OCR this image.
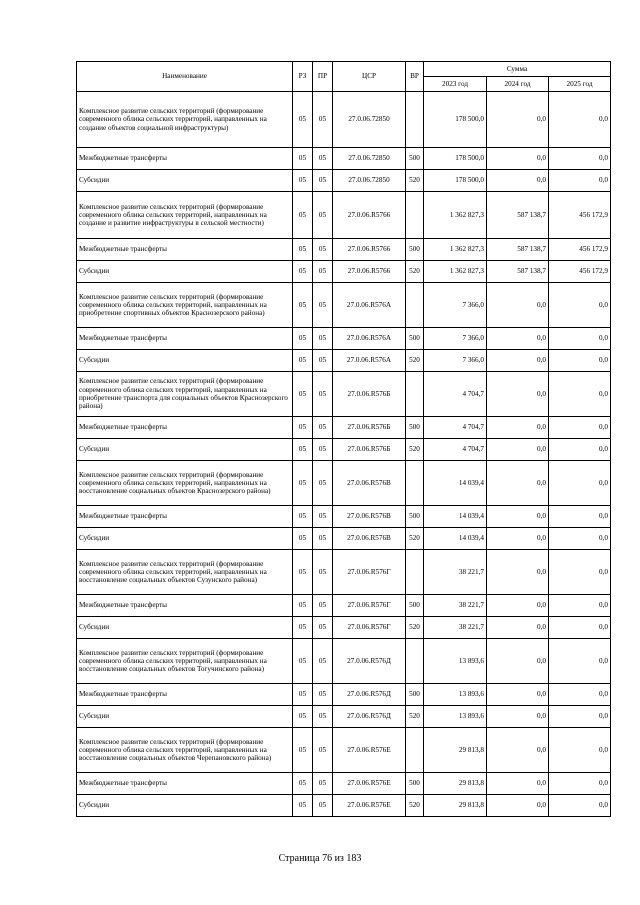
Наименование	РЗ	ПР	ЦСР	ВР	Сумма		
					2023 год	2024 год	2025 год
Комплексное развитие сельских территорий (формирование современного облика сельских территорий, направленных на создание объектов социальной инфраструктуры)	05	05	27.0.06.72850		178 500,0	0,0	0,0
Межбюджетные трансферты	05	05	27.0.06.72850	500	178 500,0	0,0	0,0
Субсидии	05	05	27.0.06.72850	520	178 500,0	0,0	0,0
Комплексное развитие сельских территорий (формирование современного облика сельских территорий, направленных на создание и развитие инфраструктуры в сельской местности)	05	05	27.0.06.R5766		1 362 827,3	587 138,7	456 172,9
Межбюджетные трансферты	05	05	27.0.06.R5766	500	1 362 827,3	587 138,7	456 172,9
Субсидии	05	05	27.0.06.R5766	520	1 362 827,3	587 138,7	456 172,9
Комплексное развитие сельских территорий (формирование современного облика сельских территорий, направленных на приобретение спортивных объектов Краснозерского района)	05	05	27.0.06.R576А		7 366,0	0,0	0,0
Межбюджетные трансферты	05	05	27.0.06.R576А	500	7 366,0	0,0	0,0
Субсидии	05	05	27.0.06.R576А	520	7 366,0	0,0	0,0
Комплексное развитие сельских территорий (формирование современного облика сельских территорий, направленных на приобретение транспорта для социальных объектов Краснозерского района)	05	05	27.0.06.R576Б		4 704,7	0,0	0,0
Межбюджетные трансферты	05	05	27.0.06.R576Б	500	4 704,7	0,0	0,0
Субсидии	05	05	27.0.06.R576Б	520	4 704,7	0,0	0,0
Комплексное развитие сельских территорий (формирование современного облика сельских территорий, направленных на восстановление социальных объектов Краснозерского района)	05	05	27.0.06.R576В		14 039,4	0,0	0,0
Межбюджетные трансферты	05	05	27.0.06.R576В	500	14 039,4	0,0	0,0
Субсидии	05	05	27.0.06.R576В	520	14 039,4	0,0	0,0
Комплексное развитие сельских территорий (формирование современного облика сельских территорий, направленных на восстановление социальных объектов Сузунского района)	05	05	27.0.06.R576Г		38 221,7	0,0	0,0
Межбюджетные трансферты	05	05	27.0.06.R576Г	500	38 221,7	0,0	0,0
Субсидии	05	05	27.0.06.R576Г	520	38 221,7	0,0	0,0
Комплексное развитие сельских территорий (формирование современного облика сельских территорий, направленных на восстановление социальных объектов Тогучинского района)	05	05	27.0.06.R576Д		13 893,6	0,0	0,0
Межбюджетные трансферты	05	05	27.0.06.R576Д	500	13 893,6	0,0	0,0
Субсидии	05	05	27.0.06.R576Д	520	13 893,6	0,0	0,0
Комплексное развитие сельских территорий (формирование современного облика сельских территорий, направленных на восстановление социальных объектов Черепановского района)	05	05	27.0.06.R576Е		29 813,8	0,0	0,0
Межбюджетные трансферты	05	05	27.0.06.R576Е	500	29 813,8	0,0	0,0
Субсидии	05	05	27.0.06.R576Е	520	29 813,8	0,0	0,0
Страница 76 из 183
